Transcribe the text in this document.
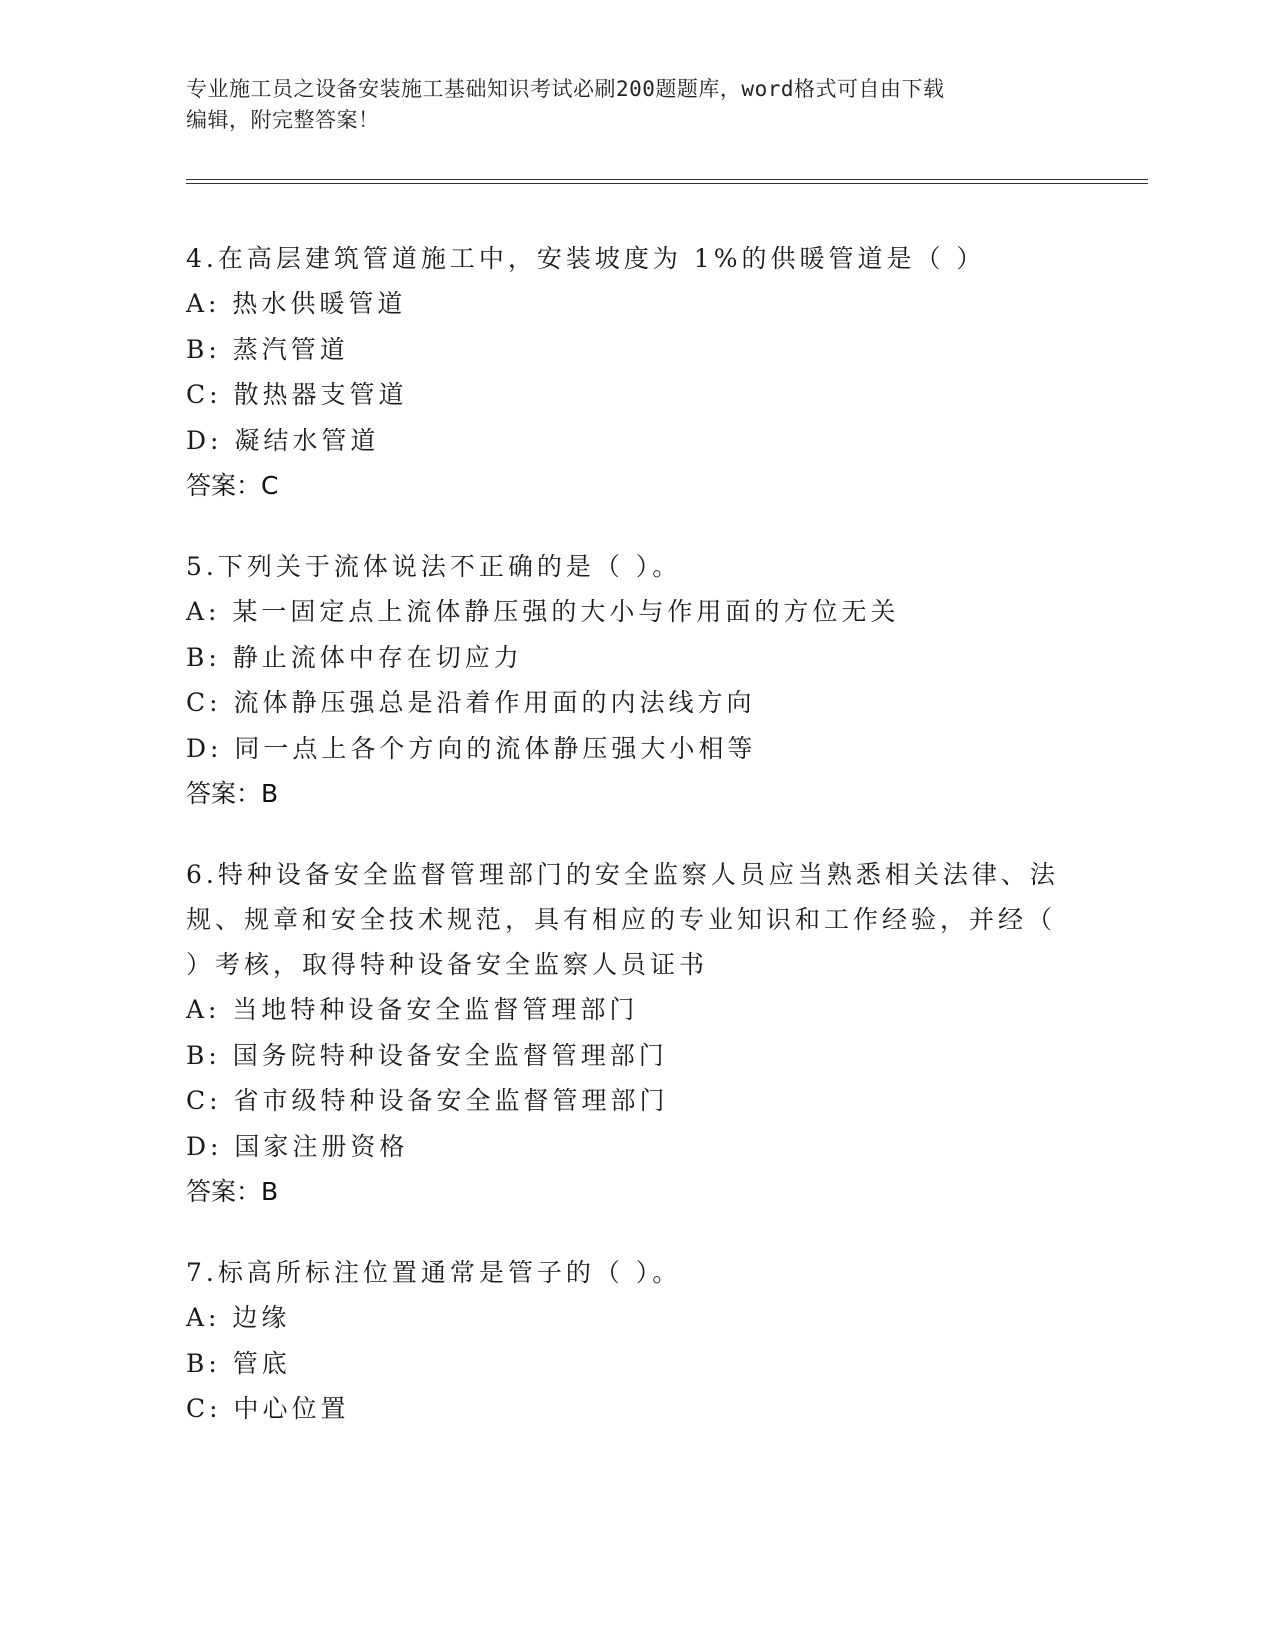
专业施工员之设备安装施工基础知识考试必刷200题题库，word格式可自由下载
编辑，附完整答案！
4.在高层建筑管道施工中，安装坡度为 1%的供暖管道是（ ）
A: 热水供暖管道
B: 蒸汽管道
C: 散热器支管道
D: 凝结水管道
答案：C
5.下列关于流体说法不正确的是（ ）。
A: 某一固定点上流体静压强的大小与作用面的方位无关
B: 静止流体中存在切应力
C: 流体静压强总是沿着作用面的内法线方向
D: 同一点上各个方向的流体静压强大小相等
答案：B
6.特种设备安全监督管理部门的安全监察人员应当熟悉相关法律、法
规、规章和安全技术规范，具有相应的专业知识和工作经验，并经（
）考核，取得特种设备安全监察人员证书
A: 当地特种设备安全监督管理部门
B: 国务院特种设备安全监督管理部门
C: 省市级特种设备安全监督管理部门
D: 国家注册资格
答案：B
7.标高所标注位置通常是管子的（ ）。
A: 边缘
B: 管底
C: 中心位置
